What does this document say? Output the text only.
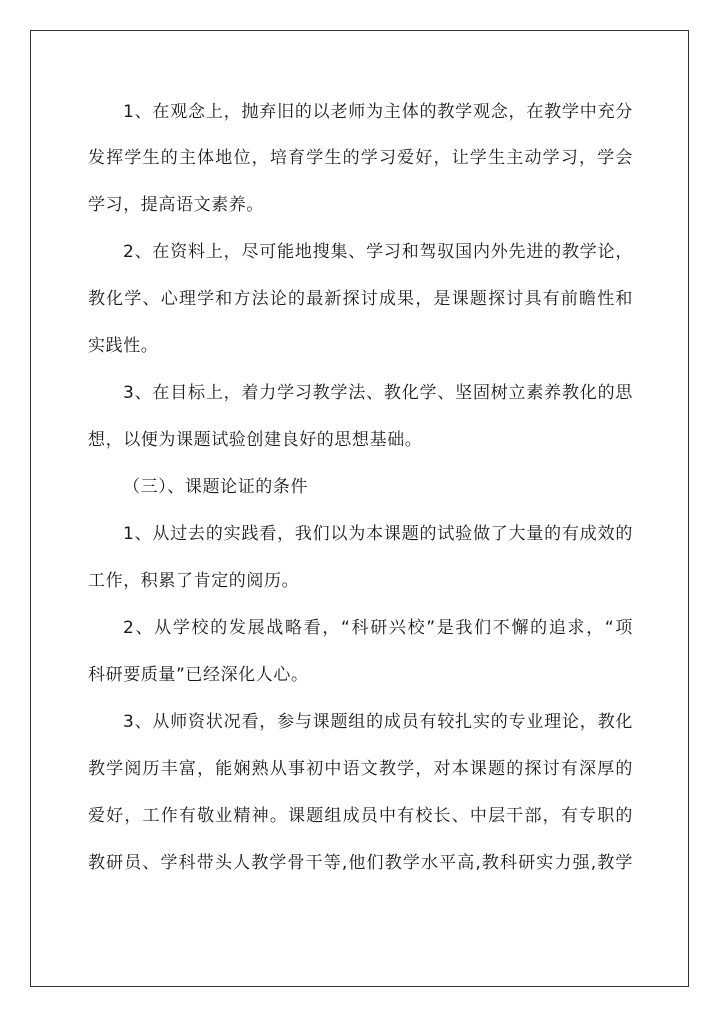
1、在观念上，抛弃旧的以老师为主体的教学观念，在教学中充分
发挥学生的主体地位，培育学生的学习爱好，让学生主动学习，学会
学习，提高语文素养。
2、在资料上，尽可能地搜集、学习和驾驭国内外先进的教学论，
教化学、心理学和方法论的最新探讨成果，是课题探讨具有前瞻性和
实践性。
3、在目标上，着力学习教学法、教化学、坚固树立素养教化的思
想，以便为课题试验创建良好的思想基础。
（三）、课题论证的条件
1、从过去的实践看，我们以为本课题的试验做了大量的有成效的
工作，积累了肯定的阅历。
2、从学校的发展战略看，“科研兴校”是我们不懈的追求，“项
科研要质量”已经深化人心。
3、从师资状况看，参与课题组的成员有较扎实的专业理论，教化
教学阅历丰富，能娴熟从事初中语文教学，对本课题的探讨有深厚的
爱好，工作有敬业精神。课题组成员中有校长、中层干部，有专职的
教研员、学科带头人教学骨干等,他们教学水平高,教科研实力强,教学
